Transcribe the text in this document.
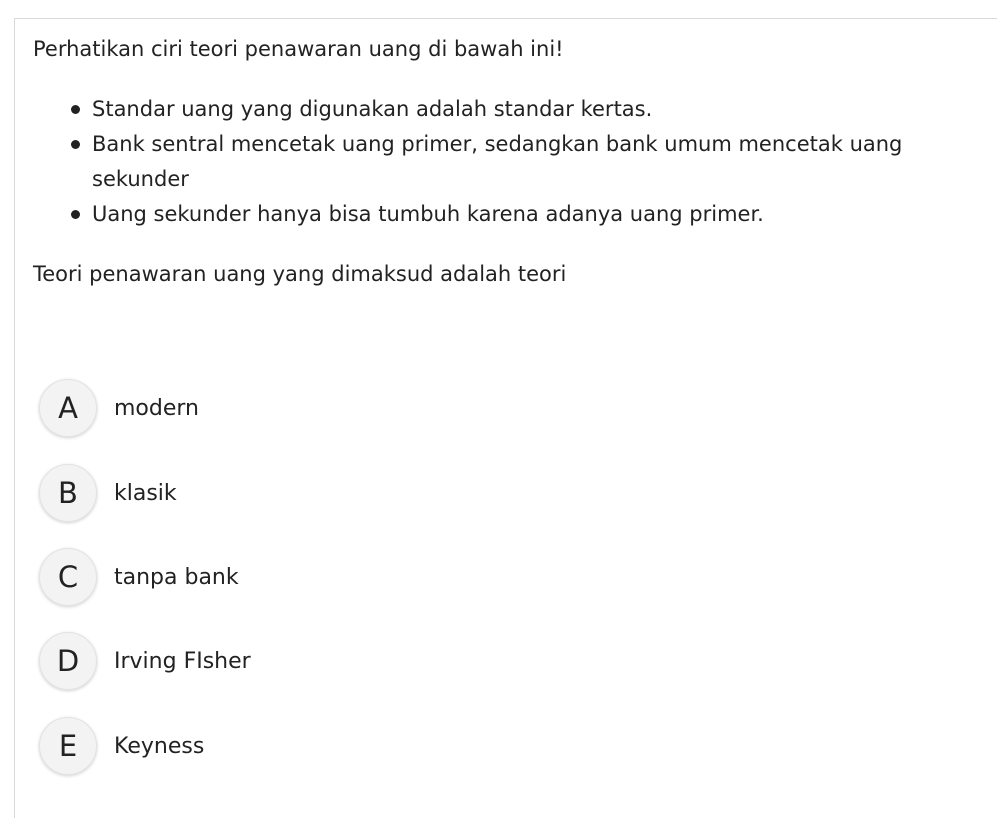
Perhatikan ciri teori penawaran uang di bawah ini!

Standar uang yang digunakan adalah standar kertas.
Bank sentral mencetak uang primer, sedangkan bank umum mencetak uang sekunder
Uang sekunder hanya bisa tumbuh karena adanya uang primer.

Teori penawaran uang yang dimaksud adalah teori

A	modern
B	klasik
C	tanpa bank
D	Irving FIsher
E	Keyness
